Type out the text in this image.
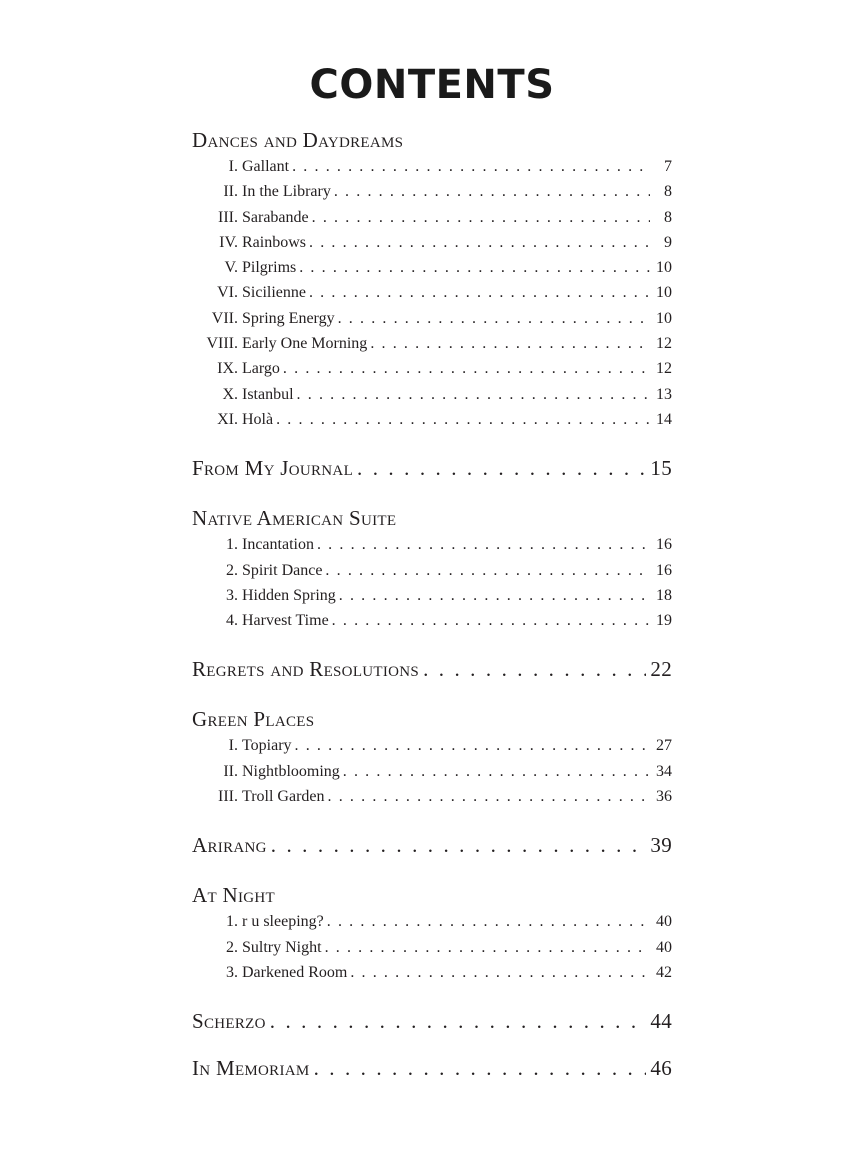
CONTENTS
Dances and Daydreams
I. Gallant . . .	7
II. In the Library . . .	8
III. Sarabande . . .	8
IV. Rainbows . . .	9
V. Pilgrims . . .	10
VI. Sicilienne . . .	10
VII. Spring Energy . . .	10
VIII. Early One Morning . . .	12
IX. Largo . . .	12
X. Istanbul . . .	13
XI. Holà . . .	14
From My Journal . . .	15
Native American Suite
1. Incantation . . .	16
2. Spirit Dance . . .	16
3. Hidden Spring . . .	18
4. Harvest Time . . .	19
Regrets and Resolutions . . .	22
Green Places
I. Topiary . . .	27
II. Nightblooming . . .	34
III. Troll Garden . . .	36
Arirang . . .	39
At Night
1. r u sleeping? . . .	40
2. Sultry Night . . .	40
3. Darkened Room . . .	42
Scherzo . . .	44
In Memoriam . . .	46
